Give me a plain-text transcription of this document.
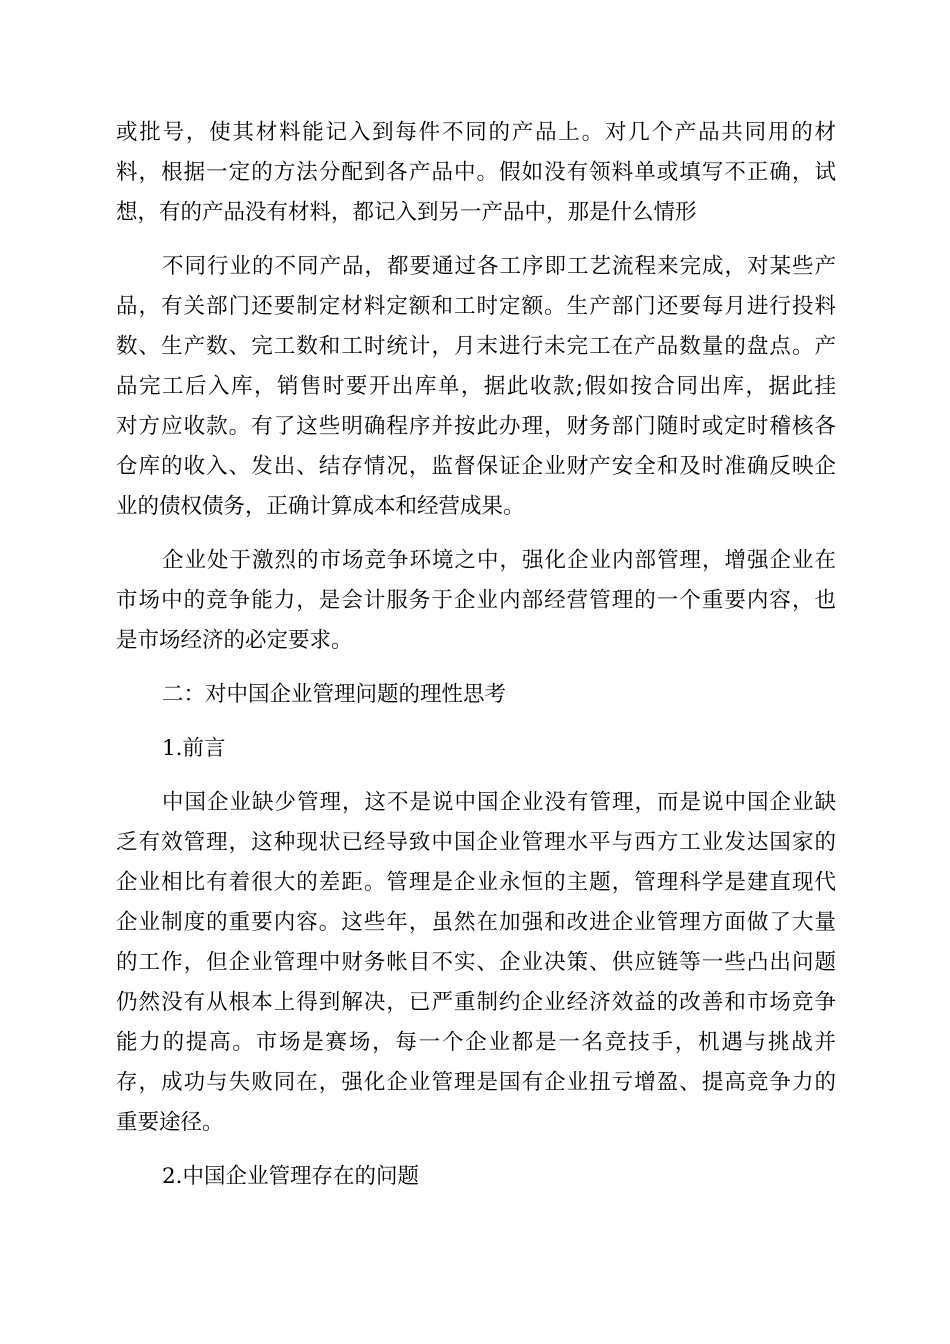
或批号，使其材料能记入到每件不同的产品上。对几个产品共同用的材
料，根据一定的方法分配到各产品中。假如没有领料单或填写不正确，试
想，有的产品没有材料，都记入到另一产品中，那是什么情形
不同行业的不同产品，都要通过各工序即工艺流程来完成，对某些产
品，有关部门还要制定材料定额和工时定额。生产部门还要每月进行投料
数、生产数、完工数和工时统计，月末进行未完工在产品数量的盘点。产
品完工后入库，销售时要开出库单，据此收款;假如按合同出库，据此挂
对方应收款。有了这些明确程序并按此办理，财务部门随时或定时稽核各
仓库的收入、发出、结存情况，监督保证企业财产安全和及时准确反映企
业的债权债务，正确计算成本和经营成果。
企业处于激烈的市场竞争环境之中，强化企业内部管理，增强企业在
市场中的竞争能力，是会计服务于企业内部经营管理的一个重要内容，也
是市场经济的必定要求。
二：对中国企业管理问题的理性思考
1.前言
中国企业缺少管理，这不是说中国企业没有管理，而是说中国企业缺
乏有效管理，这种现状已经导致中国企业管理水平与西方工业发达国家的
企业相比有着很大的差距。管理是企业永恒的主题，管理科学是建直现代
企业制度的重要内容。这些年，虽然在加强和改进企业管理方面做了大量
的工作，但企业管理中财务帐目不实、企业决策、供应链等一些凸出问题
仍然没有从根本上得到解决，已严重制约企业经济效益的改善和市场竞争
能力的提高。市场是赛场，每一个企业都是一名竞技手，机遇与挑战并
存，成功与失败同在，强化企业管理是国有企业扭亏增盈、提高竞争力的
重要途径。
2.中国企业管理存在的问题
